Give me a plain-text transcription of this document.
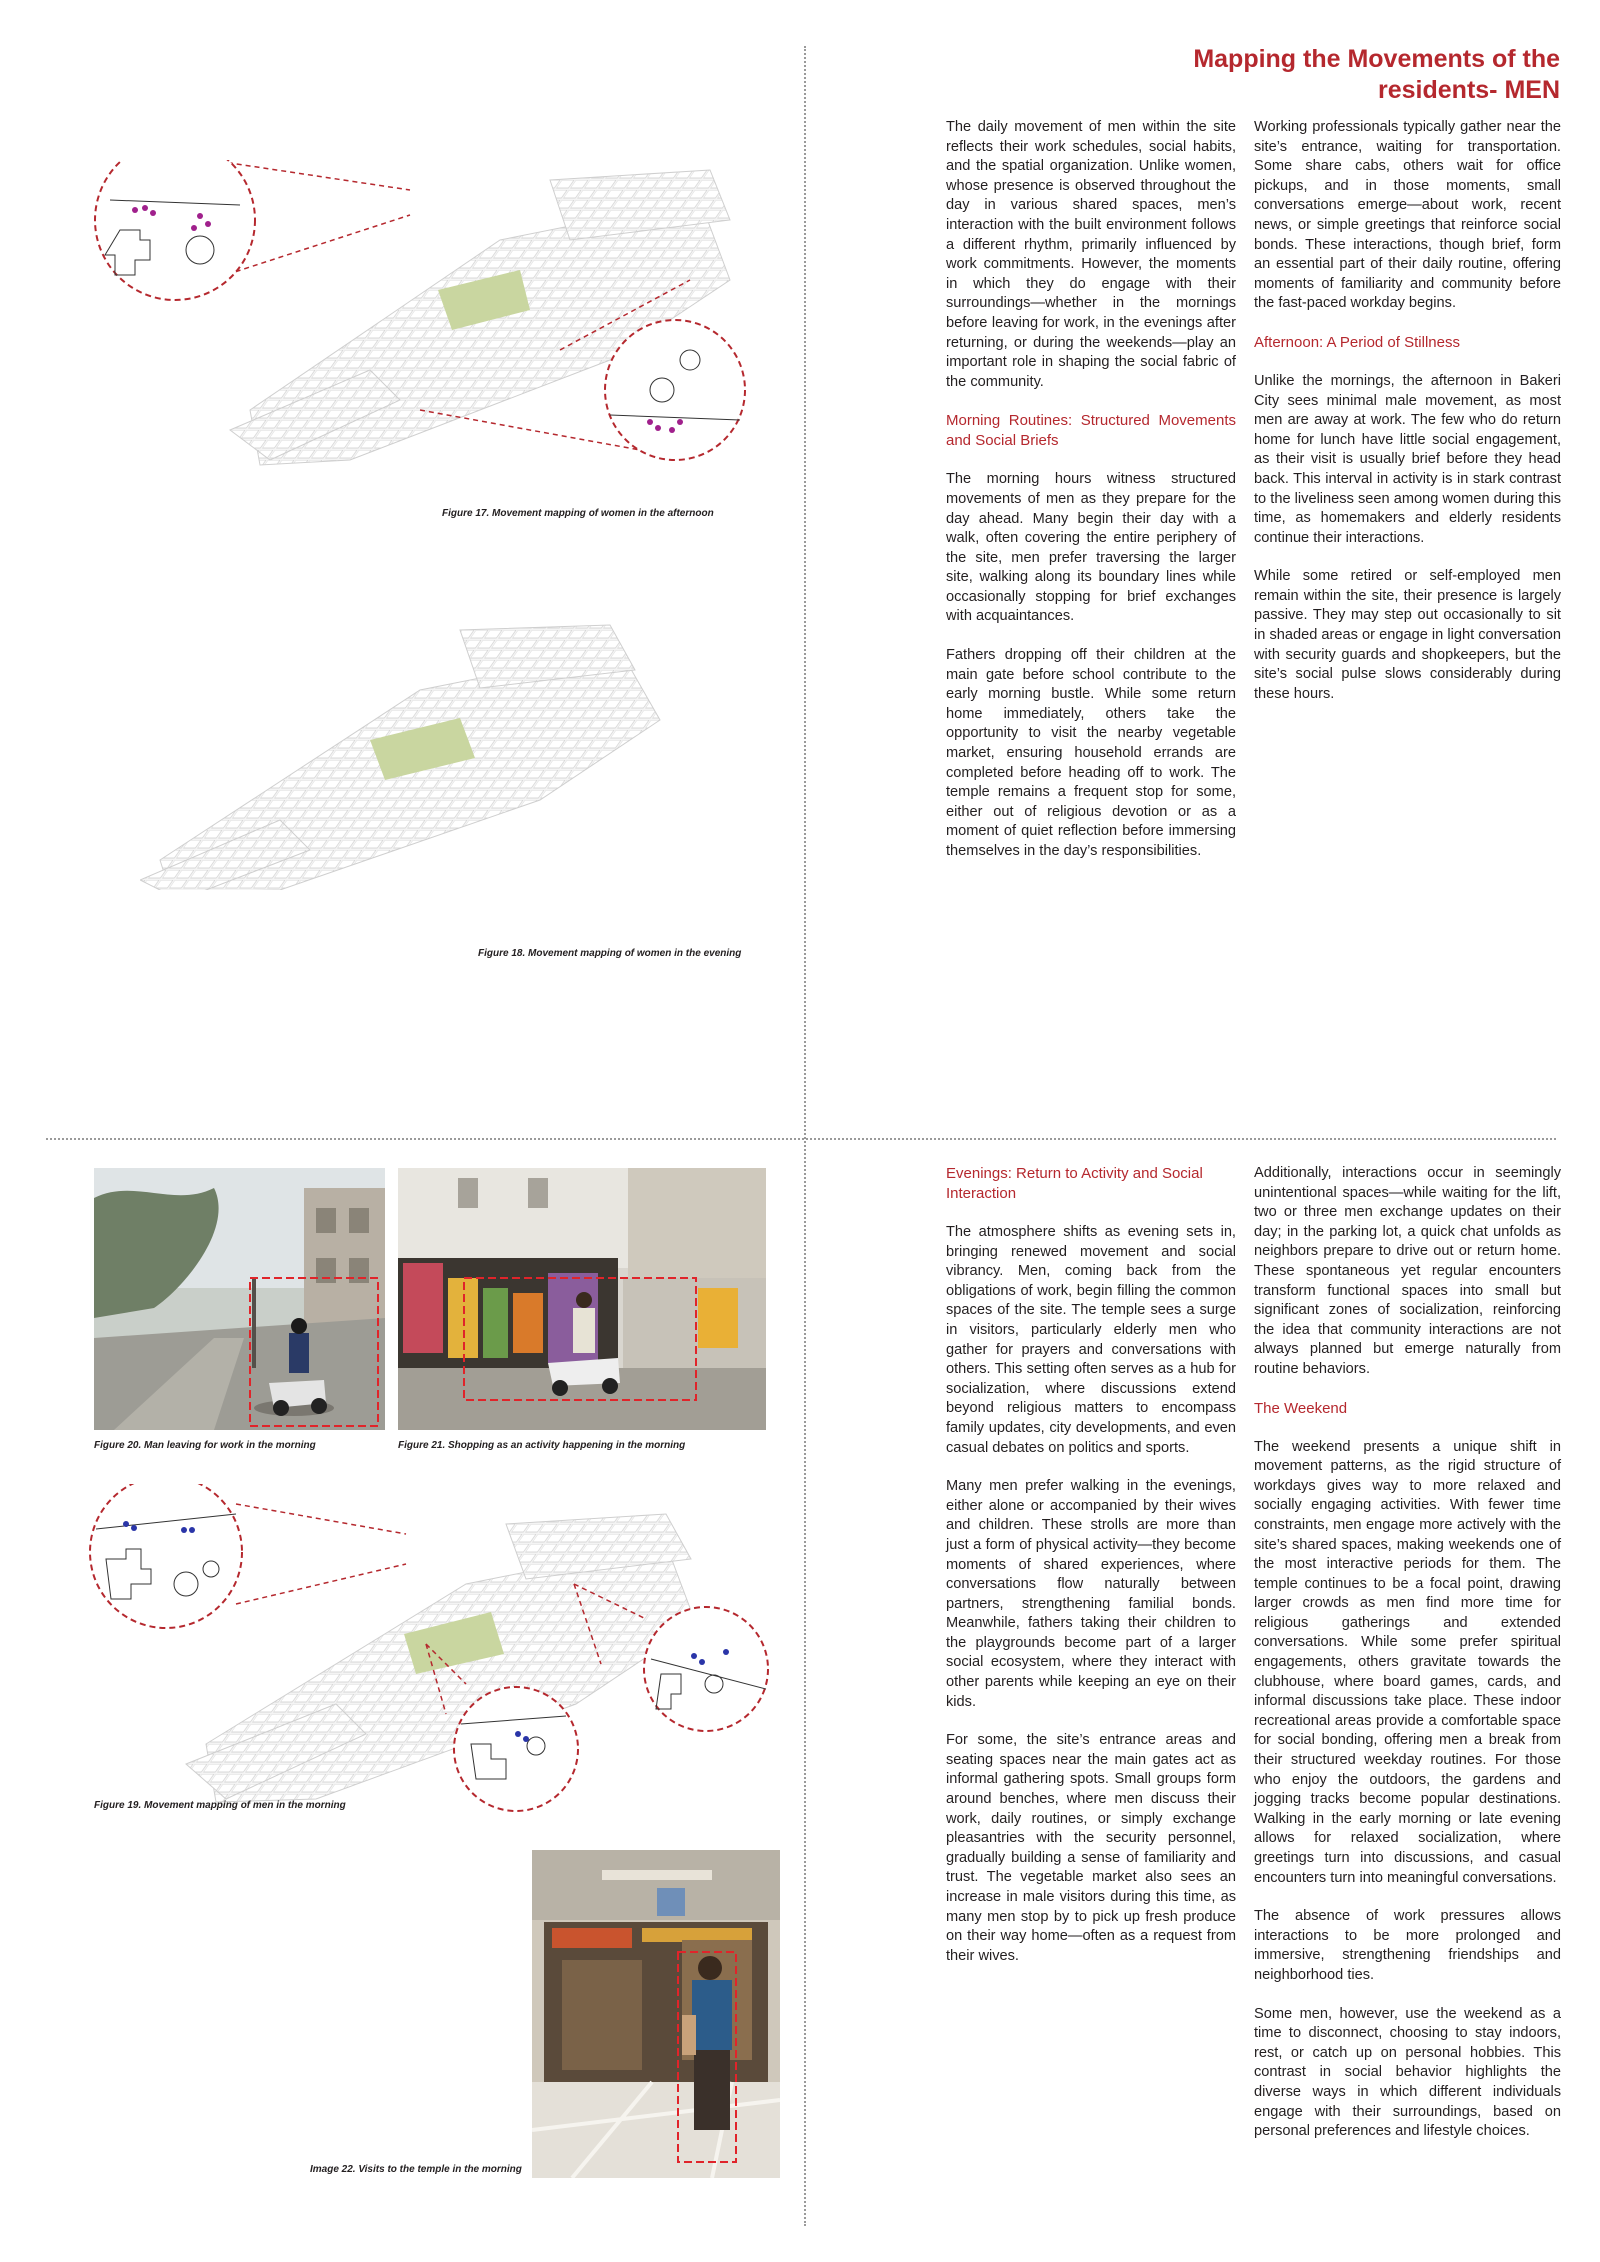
Mapping the Movements of the residents- MEN
Figure 17. Movement mapping of women in the afternoon
Figure 18. Movement mapping of women in the evening

The daily movement of men within the site reflects their work schedules, social habits, and the spatial organization. Unlike women, whose presence is observed throughout the day in various shared spaces, men’s interaction with the built environment follows a different rhythm, primarily influenced by work commitments. However, the moments in which they do engage with their surroundings—whether in the mornings before leaving for work, in the evenings after returning, or during the weekends—play an important role in shaping the social fabric of the community.

Morning Routines: Structured Movements and Social Briefs

The morning hours witness structured movements of men as they prepare for the day ahead. Many begin their day with a walk, often covering the entire periphery of the site, men prefer traversing the larger site, walking along its boundary lines while occasionally stopping for brief exchanges with acquaintances.

Fathers dropping off their children at the main gate before school contribute to the early morning bustle. While some return home immediately, others take the opportunity to visit the nearby vegetable market, ensuring household errands are completed before heading off to work. The temple remains a frequent stop for some, either out of religious devotion or as a moment of quiet reflection before immersing themselves in the day’s responsibilities.

Working professionals typically gather near the site’s entrance, waiting for transportation. Some share cabs, others wait for office pickups, and in those moments, small conversations emerge—about work, recent news, or simple greetings that reinforce social bonds. These interactions, though brief, form an essential part of their daily routine, offering moments of familiarity and community before the fast-paced workday begins.

Afternoon: A Period of Stillness

Unlike the mornings, the afternoon in Bakeri City sees minimal male movement, as most men are away at work. The few who do return home for lunch have little social engagement, as their visit is usually brief before they head back. This interval in activity is in stark contrast to the liveliness seen among women during this time, as homemakers and elderly residents continue their interactions.

While some retired or self-employed men remain within the site, their presence is largely passive. They may step out occasionally to sit in shaded areas or engage in light conversation with security guards and shopkeepers, but the site’s social pulse slows considerably during these hours.

Figure 20. Man leaving for work in the morning	Figure 21. Shopping as an activity happening in the morning
Figure 19. Movement mapping of men in the morning
Image 22. Visits to the temple in the morning
Evenings: Return to Activity and Social Interaction

The atmosphere shifts as evening sets in, bringing renewed movement and social vibrancy. Men, coming back from the obligations of work, begin filling the common spaces of the site. The temple sees a surge in visitors, particularly elderly men who gather for prayers and conversations with others. This setting often serves as a hub for socialization, where discussions extend beyond religious matters to encompass family updates, city developments, and even casual debates on politics and sports.

Many men prefer walking in the evenings, either alone or accompanied by their wives and children. These strolls are more than just a form of physical activity—they become moments of shared experiences, where conversations flow naturally between partners, strengthening familial bonds. Meanwhile, fathers taking their children to the playgrounds become part of a larger social ecosystem, where they interact with other parents while keeping an eye on their kids.

For some, the site’s entrance areas and seating spaces near the main gates act as informal gathering spots. Small groups form around benches, where men discuss their work, daily routines, or simply exchange pleasantries with the security personnel, gradually building a sense of familiarity and trust. The vegetable market also sees an increase in male visitors during this time, as many men stop by to pick up fresh produce on their way home—often as a request from their wives.

Additionally, interactions occur in seemingly unintentional spaces—while waiting for the lift, two or three men exchange updates on their day; in the parking lot, a quick chat unfolds as neighbors prepare to drive out or return home. These spontaneous yet regular encounters transform functional spaces into small but significant zones of socialization, reinforcing the idea that community interactions are not always planned but emerge naturally from routine behaviors.

The Weekend

The weekend presents a unique shift in movement patterns, as the rigid structure of workdays gives way to more relaxed and socially engaging activities. With fewer time constraints, men engage more actively with the site’s shared spaces, making weekends one of the most interactive periods for them. The temple continues to be a focal point, drawing larger crowds as men find more time for religious gatherings and extended conversations. While some prefer spiritual engagements, others gravitate towards the clubhouse, where board games, cards, and informal discussions take place. These indoor recreational areas provide a comfortable space for social bonding, offering men a break from their structured weekday routines. For those who enjoy the outdoors, the gardens and jogging tracks become popular destinations. Walking in the early morning or late evening allows for relaxed socialization, where greetings turn into discussions, and casual encounters turn into meaningful conversations.

The absence of work pressures allows interactions to be more prolonged and immersive, strengthening friendships and neighborhood ties.

Some men, however, use the weekend as a time to disconnect, choosing to stay indoors, rest, or catch up on personal hobbies. This contrast in social behavior highlights the diverse ways in which different individuals engage with their surroundings, based on personal preferences and lifestyle choices.
